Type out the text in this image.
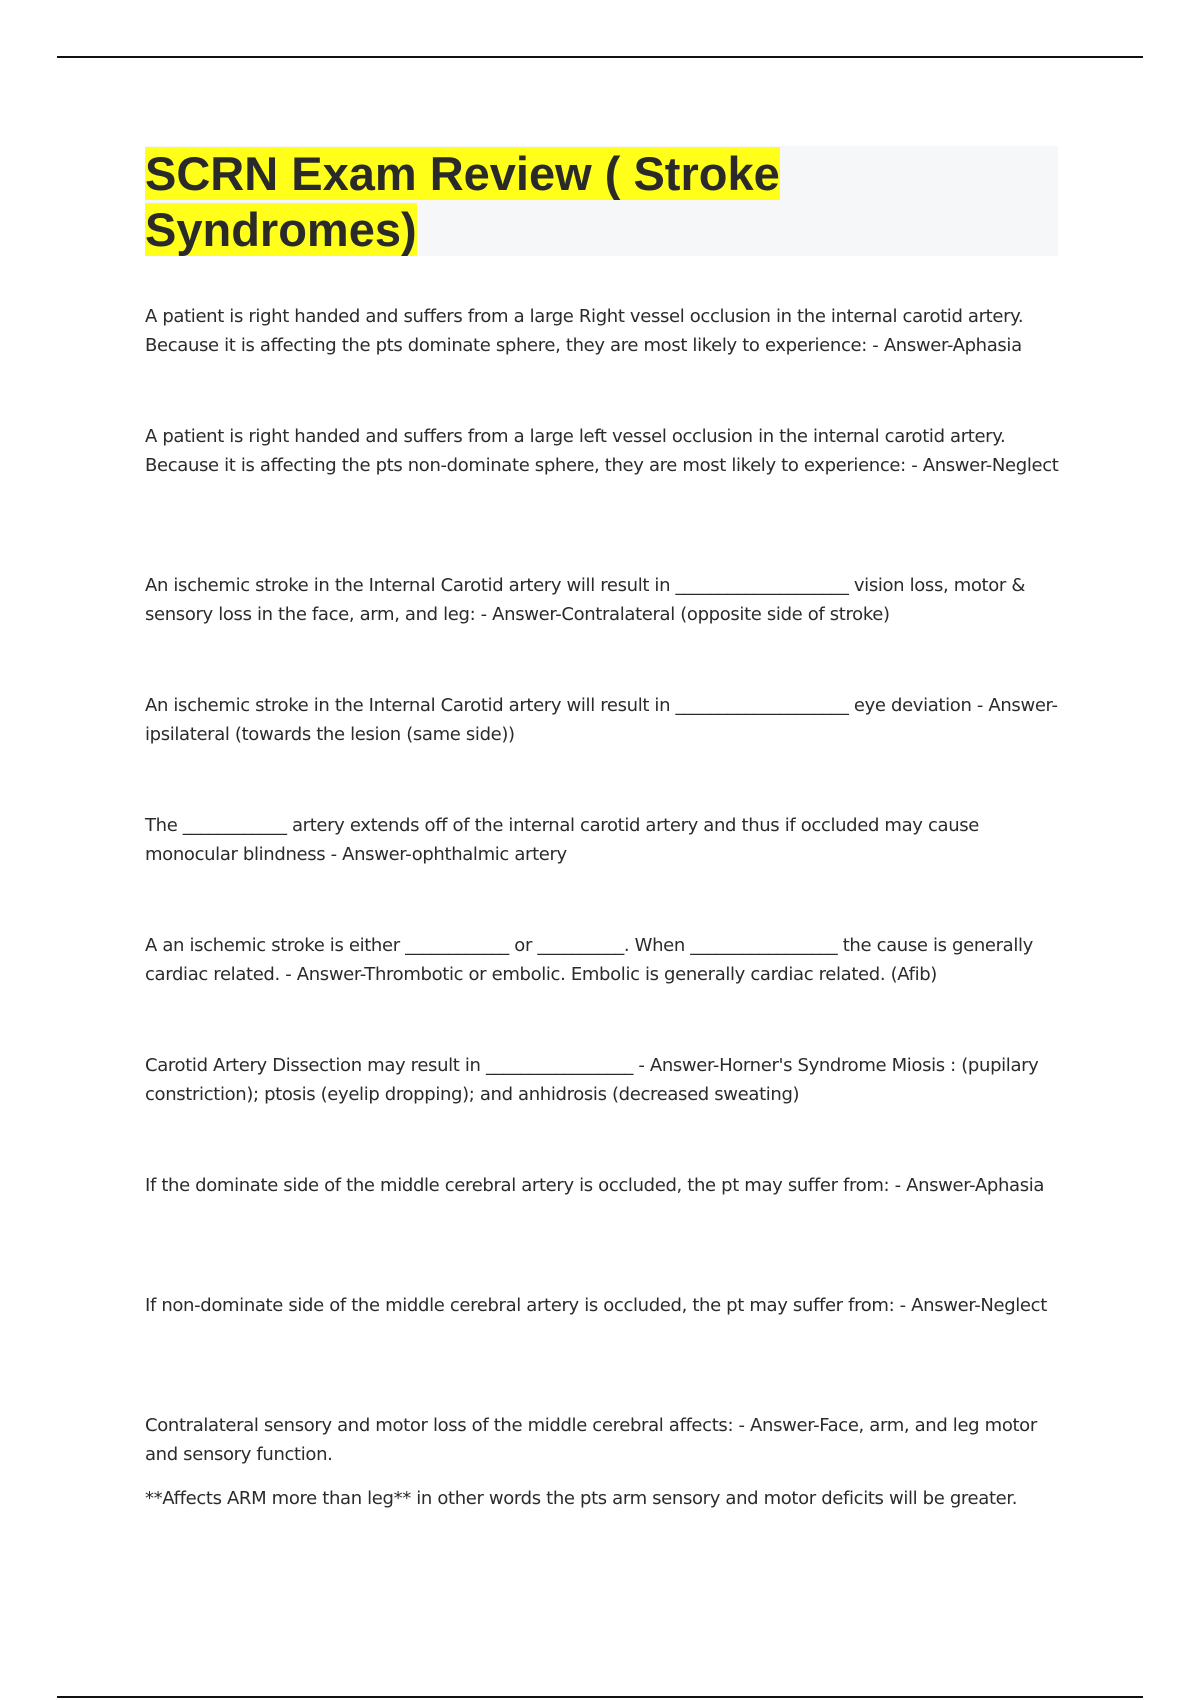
SCRN Exam Review ( Stroke Syndromes)

A patient is right handed and suffers from a large Right vessel occlusion in the internal carotid artery. Because it is affecting the pts dominate sphere, they are most likely to experience: - Answer-Aphasia

A patient is right handed and suffers from a large left vessel occlusion in the internal carotid artery. Because it is affecting the pts non-dominate sphere, they are most likely to experience: - Answer-Neglect

An ischemic stroke in the Internal Carotid artery will result in ____________________ vision loss, motor & sensory loss in the face, arm, and leg: - Answer-Contralateral (opposite side of stroke)

An ischemic stroke in the Internal Carotid artery will result in ____________________ eye deviation - Answer-ipsilateral (towards the lesion (same side))

The ____________ artery extends off of the internal carotid artery and thus if occluded may cause monocular blindness - Answer-ophthalmic artery

A an ischemic stroke is either ____________ or __________. When _________________ the cause is generally cardiac related. - Answer-Thrombotic or embolic. Embolic is generally cardiac related. (Afib)

Carotid Artery Dissection may result in _________________ - Answer-Horner's Syndrome Miosis : (pupilary constriction); ptosis (eyelip dropping); and anhidrosis (decreased sweating)

If the dominate side of the middle cerebral artery is occluded, the pt may suffer from: - Answer-Aphasia

If non-dominate side of the middle cerebral artery is occluded, the pt may suffer from: - Answer-Neglect

Contralateral sensory and motor loss of the middle cerebral affects: - Answer-Face, arm, and leg motor and sensory function.

**Affects ARM more than leg** in other words the pts arm sensory and motor deficits will be greater.
